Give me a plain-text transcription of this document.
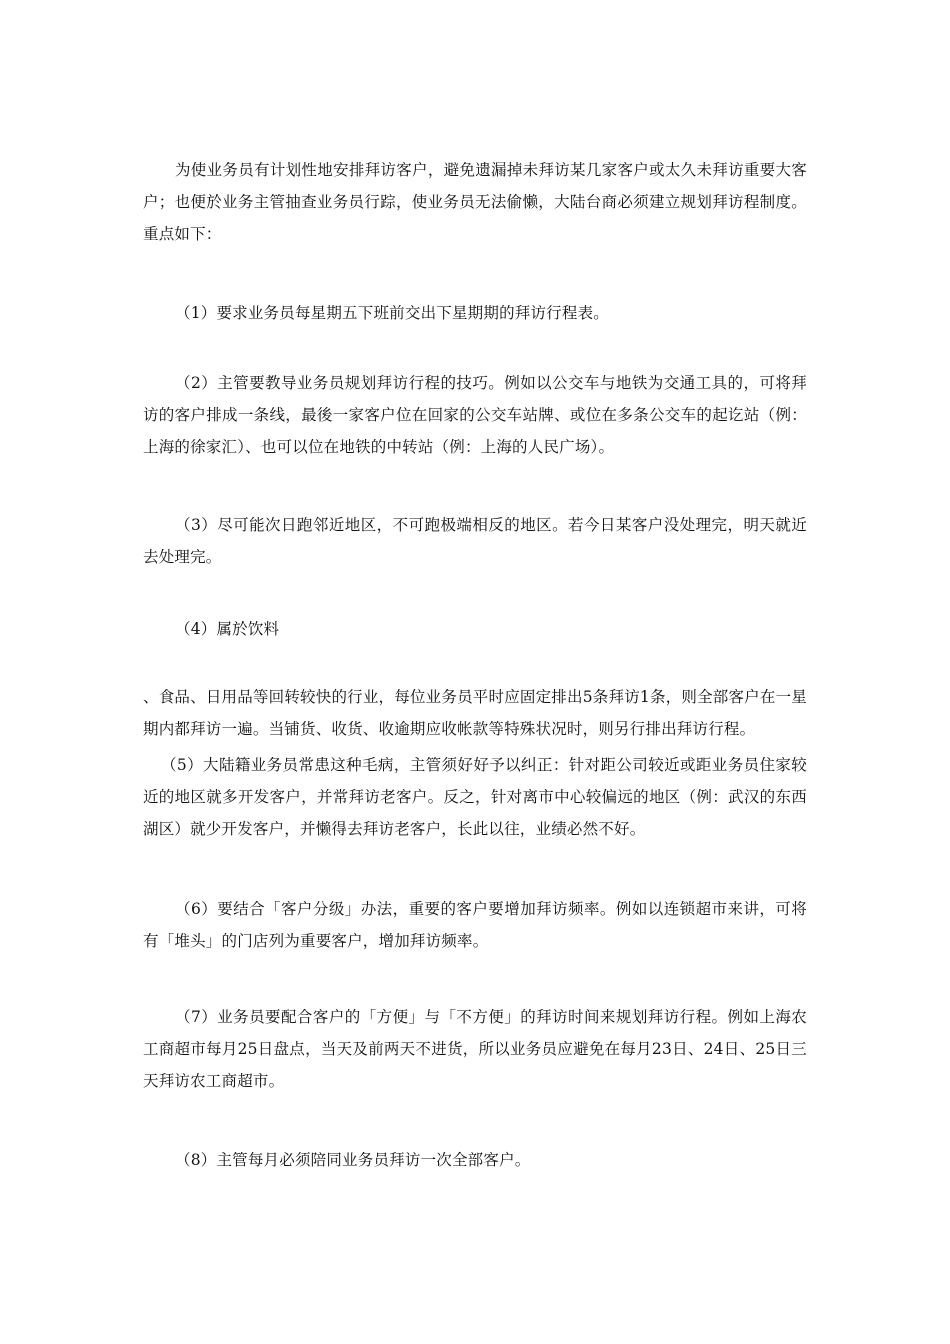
为使业务员有计划性地安排拜访客户，避免遗漏掉未拜访某几家客户或太久未拜访重要大客户；也便於业务主管抽查业务员行踪，使业务员无法偷懒，大陆台商必须建立规划拜访程制度。重点如下：

（1）要求业务员每星期五下班前交出下星期期的拜访行程表。

（2）主管要教导业务员规划拜访行程的技巧。例如以公交车与地铁为交通工具的，可将拜访的客户排成一条线，最後一家客户位在回家的公交车站牌、或位在多条公交车的起讫站（例：上海的徐家汇）、也可以位在地铁的中转站（例：上海的人民广场）。

（3）尽可能次日跑邻近地区，不可跑极端相反的地区。若今日某客户没处理完，明天就近去处理完。

（4）属於饮料

、食品、日用品等回转较快的行业，每位业务员平时应固定排出5条拜访1条，则全部客户在一星期内都拜访一遍。当铺货、收货、收逾期应收帐款等特殊状况时，则另行排出拜访行程。

（5）大陆籍业务员常患这种毛病，主管须好好予以纠正：针对距公司较近或距业务员住家较近的地区就多开发客户，并常拜访老客户。反之，针对离市中心较偏远的地区（例：武汉的东西湖区）就少开发客户，并懒得去拜访老客户，长此以往，业绩必然不好。

（6）要结合「客户分级」办法，重要的客户要增加拜访频率。例如以连锁超市来讲，可将有「堆头」的门店列为重要客户，增加拜访频率。

（7）业务员要配合客户的「方便」与「不方便」的拜访时间来规划拜访行程。例如上海农工商超市每月25日盘点，当天及前两天不进货，所以业务员应避免在每月23日、24日、25日三天拜访农工商超市。

（8）主管每月必须陪同业务员拜访一次全部客户。
